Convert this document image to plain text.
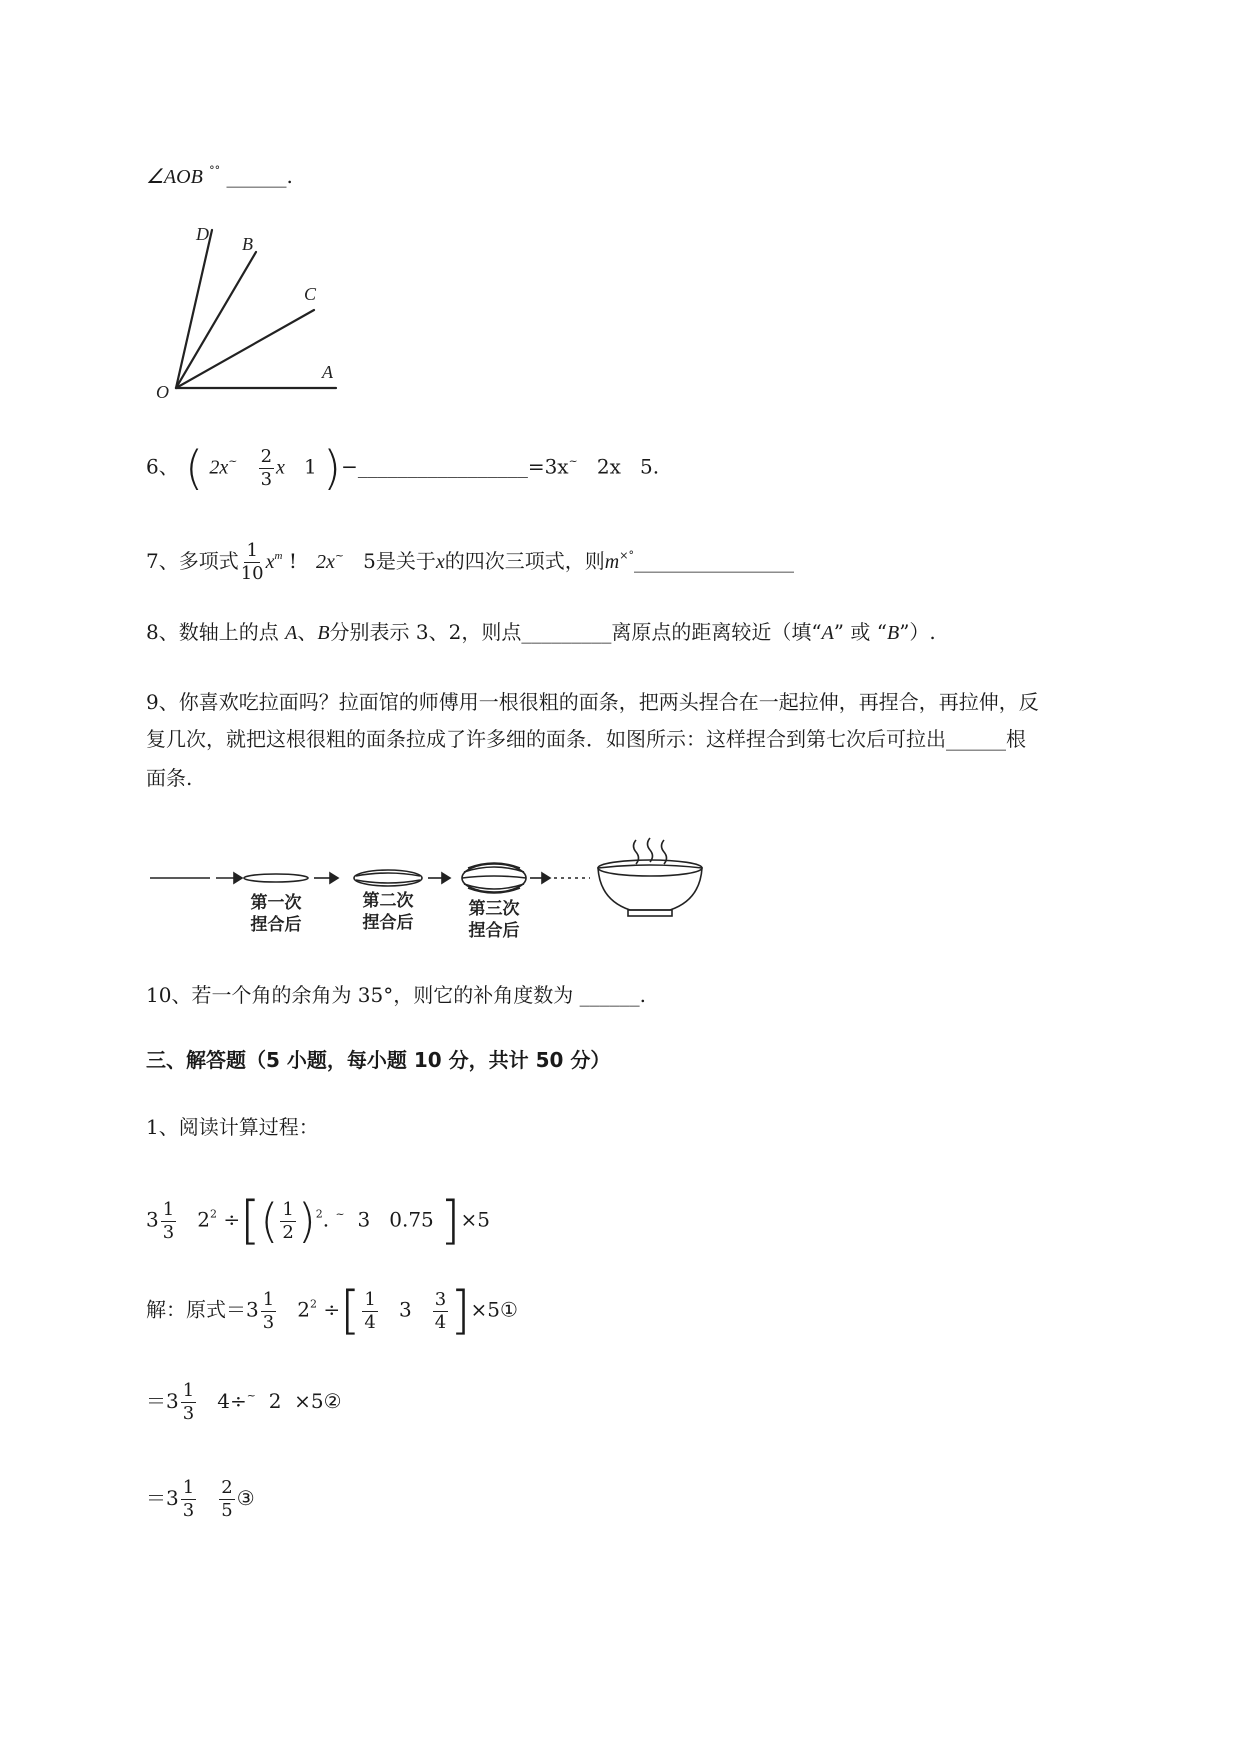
∠AOB °° ______.
D B
C
A
O
6、 ( $2x^\sim \frac{2}{3}$ x 1 )−_________________=3x~ 2x 5.
7、多项式 $\frac{1}{10} x^m$ ! 2x~ 5是关于x的四次三项式，则m×°________________
8、数轴上的点 A、B分别表示 3、2，则点_________离原点的距离较近（填“A” 或 “B”）.
9、你喜欢吃拉面吗？拉面馆的师傅用一根很粗的面条，把两头捏合在一起拉伸，再捏合，再拉伸，反
复几次，就把这根很粗的面条拉成了许多细的面条．如图所示：这样捏合到第七次后可拉出______根
面条.
第一次
捏合后
第二次
捏合后
第三次
捏合后
10、若一个角的余角为 35°，则它的补角度数为 ______.
三、解答题（5 小题，每小题 10 分，共计 50 分）
1、阅读计算过程：
$3 \frac{1}{3} 2^2$ ÷[( $\frac{1}{2} )^2$. ~ 3 0.75 ]×5
解：原式$=3 \frac{1}{3} 2^2$ ÷[ $\frac{1}{4} 3 \frac{3}{4}$ ]×5①
$=3 \frac{1}{3} 4\div^\sim$ 2 ×5②
$=3 \frac{1}{3}$
$\frac{2}{5}$ ③
